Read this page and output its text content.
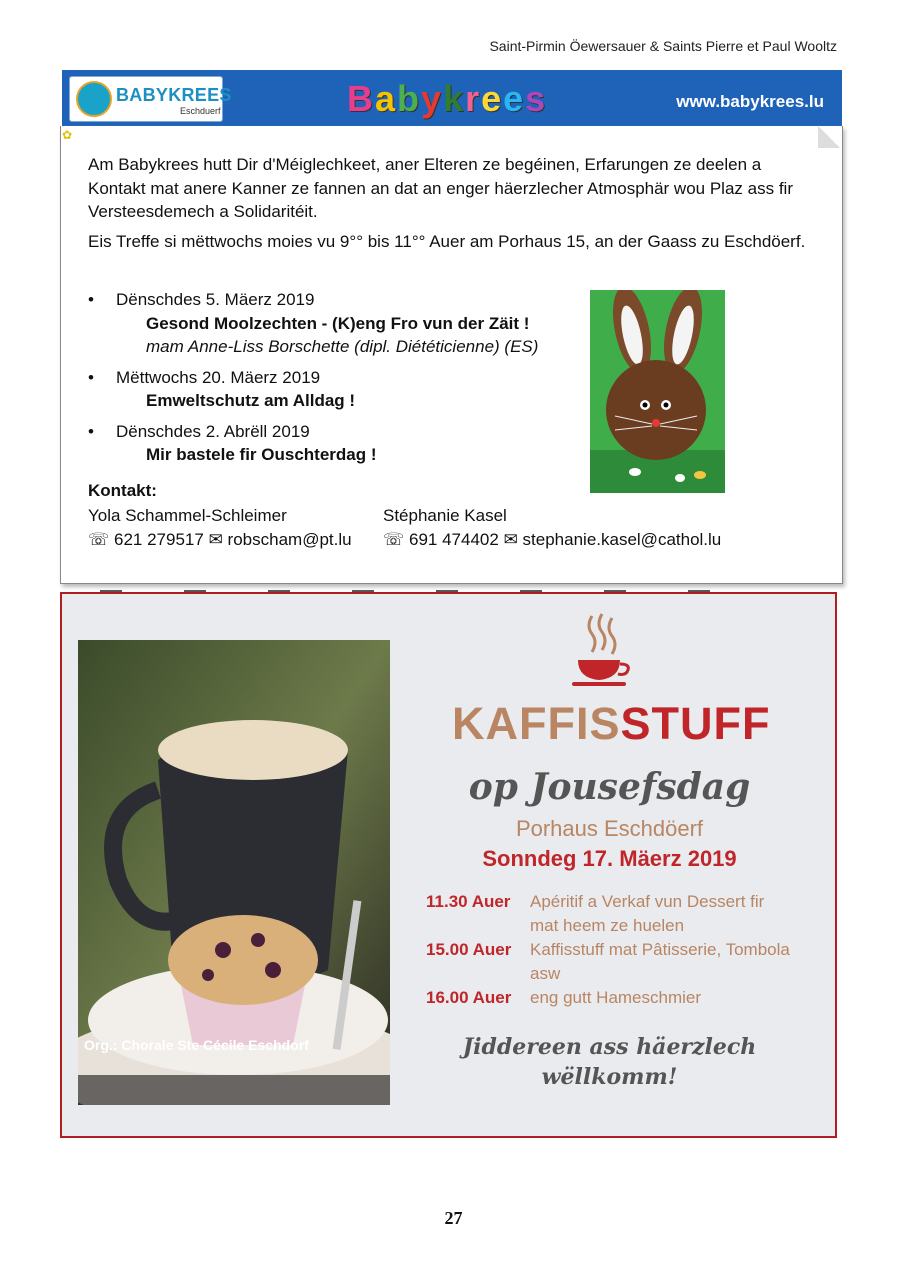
Saint-Pirmin Öewersauer & Saints Pierre et Paul Wooltz
BABYKREES
Eschduerf	Babykrees	www.babykrees.lu
✿

Am Babykrees hutt Dir d'Méiglechkeet, aner Elteren ze begéinen, Erfarungen ze deelen a Kontakt mat anere Kanner ze fannen an dat an enger häerzlecher Atmosphär wou Plaz ass fir Versteesdemech a Solidaritéit.

Eis Treffe si mëttwochs moies vu 9°° bis 11°° Auer am Porhaus 15, an der Gaass zu Eschdöerf.

• Dënschdes 5. Mäerz 2019
Gesond Moolzechten - (K)eng Fro vun der Zäit !
mam Anne-Liss Borschette (dipl. Diététicienne) (ES)
• Mëttwochs 20. Mäerz 2019
Emweltschutz am Alldag !
• Dënschdes 2. Abrëll 2019
Mir bastele fir Ouschterdag !
Kontakt:
Yola Schammel-Schleimer
☏ 621 279517 ✉ robscham@pt.lu
Stéphanie Kasel
☏ 691 474402 ✉ stephanie.kasel@cathol.lu
Org.: Chorale Ste Cécile Eschdorf
KAFFISSTUFF
op Jousefsdag
Porhaus Eschdöerf
Sonndeg 17. Mäerz 2019
11.30 Auer	Apéritif a Verkaf vun Dessert fir mat heem ze huelen
15.00 Auer	Kaffisstuff mat Pâtisserie, Tombola asw
16.00 Auer	eng gutt Hameschmier
Jiddereen ass häerzlech
wëllkomm!
27
